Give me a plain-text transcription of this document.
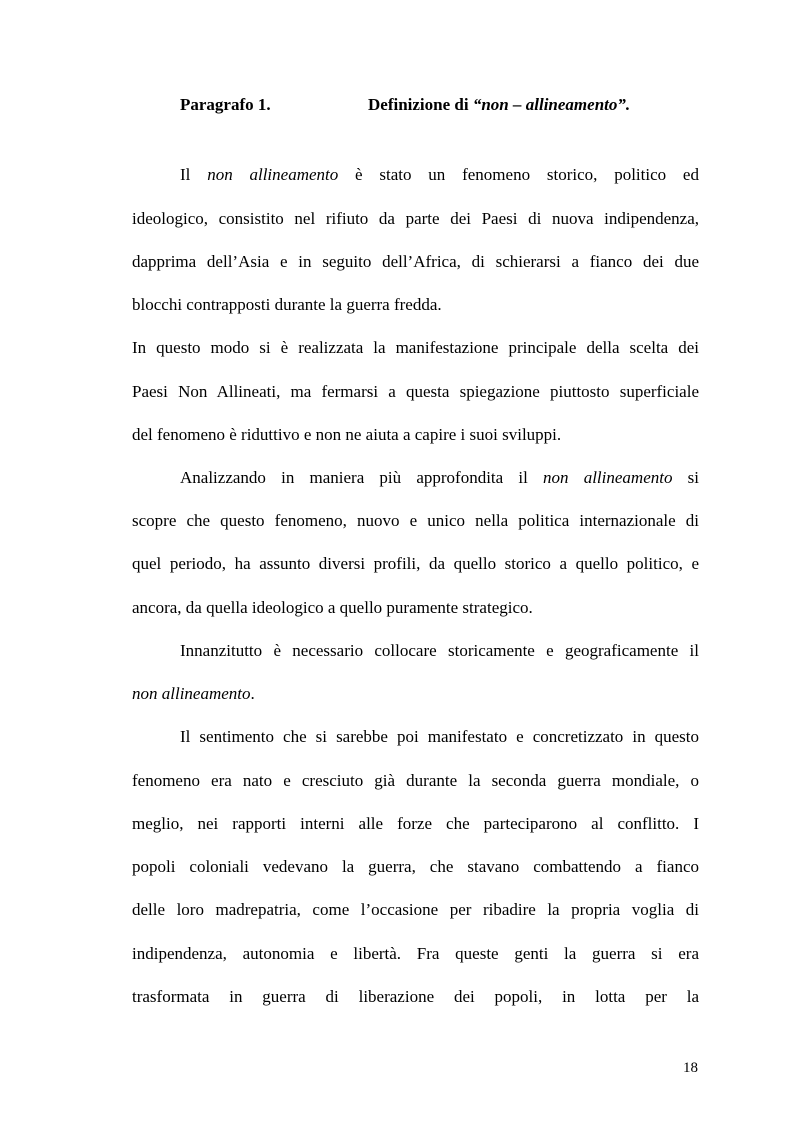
Paragrafo 1.	Definizione di “non – allineamento”.
Il non allineamento è stato un fenomeno storico, politico ed
ideologico, consistito nel rifiuto da parte dei Paesi di nuova indipendenza,
dapprima dell’Asia e in seguito dell’Africa, di schierarsi a fianco dei due
blocchi contrapposti durante la guerra fredda.
In questo modo si è realizzata la manifestazione principale della scelta dei
Paesi Non Allineati, ma fermarsi a questa spiegazione piuttosto superficiale
del fenomeno è riduttivo e non ne aiuta a capire i suoi sviluppi.
Analizzando in maniera più approfondita il non allineamento si
scopre che questo fenomeno, nuovo e unico nella politica internazionale di
quel periodo, ha assunto diversi profili, da quello storico a quello politico, e
ancora, da quella ideologico a quello puramente strategico.
Innanzitutto è necessario collocare storicamente e geograficamente il
non allineamento.
Il sentimento che si sarebbe poi manifestato e concretizzato in questo
fenomeno era nato e cresciuto già durante la seconda guerra mondiale, o
meglio, nei rapporti interni alle forze che parteciparono al conflitto. I
popoli coloniali vedevano la guerra, che stavano combattendo a fianco
delle loro madrepatria, come l’occasione per ribadire la propria voglia di
indipendenza, autonomia e libertà. Fra queste genti la guerra si era
trasformata in guerra di liberazione dei popoli, in lotta per la
18
